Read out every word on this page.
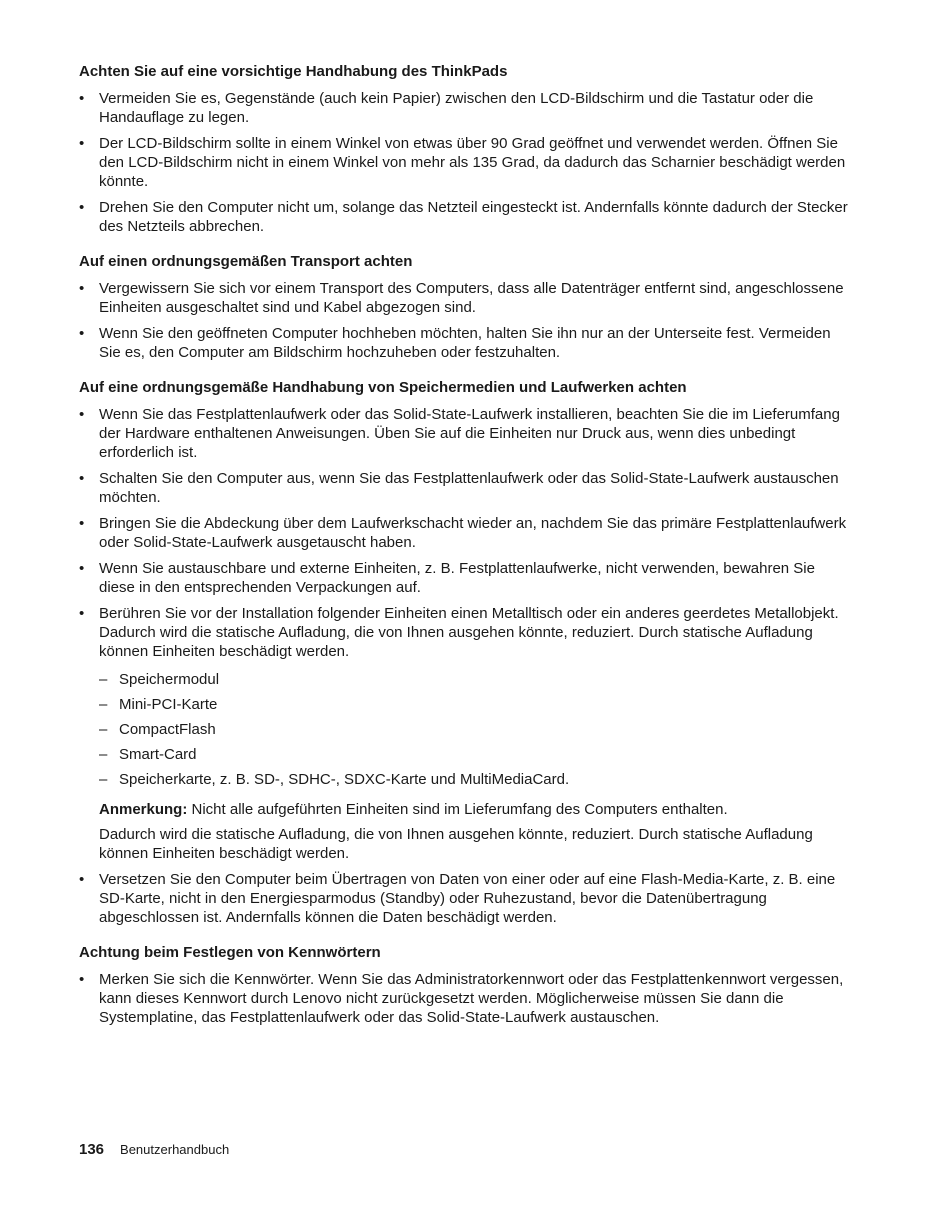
Achten Sie auf eine vorsichtige Handhabung des ThinkPads
• Vermeiden Sie es, Gegenstände (auch kein Papier) zwischen den LCD-Bildschirm und die Tastatur oder die Handauflage zu legen.
• Der LCD-Bildschirm sollte in einem Winkel von etwas über 90 Grad geöffnet und verwendet werden. Öffnen Sie den LCD-Bildschirm nicht in einem Winkel von mehr als 135 Grad, da dadurch das Scharnier beschädigt werden könnte.
• Drehen Sie den Computer nicht um, solange das Netzteil eingesteckt ist. Andernfalls könnte dadurch der Stecker des Netzteils abbrechen.
Auf einen ordnungsgemäßen Transport achten
• Vergewissern Sie sich vor einem Transport des Computers, dass alle Datenträger entfernt sind, angeschlossene Einheiten ausgeschaltet sind und Kabel abgezogen sind.
• Wenn Sie den geöffneten Computer hochheben möchten, halten Sie ihn nur an der Unterseite fest. Vermeiden Sie es, den Computer am Bildschirm hochzuheben oder festzuhalten.
Auf eine ordnungsgemäße Handhabung von Speichermedien und Laufwerken achten
• Wenn Sie das Festplattenlaufwerk oder das Solid-State-Laufwerk installieren, beachten Sie die im Lieferumfang der Hardware enthaltenen Anweisungen. Üben Sie auf die Einheiten nur Druck aus, wenn dies unbedingt erforderlich ist.
• Schalten Sie den Computer aus, wenn Sie das Festplattenlaufwerk oder das Solid-State-Laufwerk austauschen möchten.
• Bringen Sie die Abdeckung über dem Laufwerkschacht wieder an, nachdem Sie das primäre Festplattenlaufwerk oder Solid-State-Laufwerk ausgetauscht haben.
• Wenn Sie austauschbare und externe Einheiten, z. B. Festplattenlaufwerke, nicht verwenden, bewahren Sie diese in den entsprechenden Verpackungen auf.
• Berühren Sie vor der Installation folgender Einheiten einen Metalltisch oder ein anderes geerdetes Metallobjekt. Dadurch wird die statische Aufladung, die von Ihnen ausgehen könnte, reduziert. Durch statische Aufladung können Einheiten beschädigt werden.
– Speichermodul
– Mini-PCI-Karte
– CompactFlash
– Smart-Card
– Speicherkarte, z. B. SD-, SDHC-, SDXC-Karte und MultiMediaCard.
Anmerkung: Nicht alle aufgeführten Einheiten sind im Lieferumfang des Computers enthalten.
Dadurch wird die statische Aufladung, die von Ihnen ausgehen könnte, reduziert. Durch statische Aufladung können Einheiten beschädigt werden.
• Versetzen Sie den Computer beim Übertragen von Daten von einer oder auf eine Flash-Media-Karte, z. B. eine SD-Karte, nicht in den Energiesparmodus (Standby) oder Ruhezustand, bevor die Datenübertragung abgeschlossen ist. Andernfalls können die Daten beschädigt werden.
Achtung beim Festlegen von Kennwörtern
• Merken Sie sich die Kennwörter. Wenn Sie das Administratorkennwort oder das Festplattenkennwort vergessen, kann dieses Kennwort durch Lenovo nicht zurückgesetzt werden. Möglicherweise müssen Sie dann die Systemplatine, das Festplattenlaufwerk oder das Solid-State-Laufwerk austauschen.
136 Benutzerhandbuch
